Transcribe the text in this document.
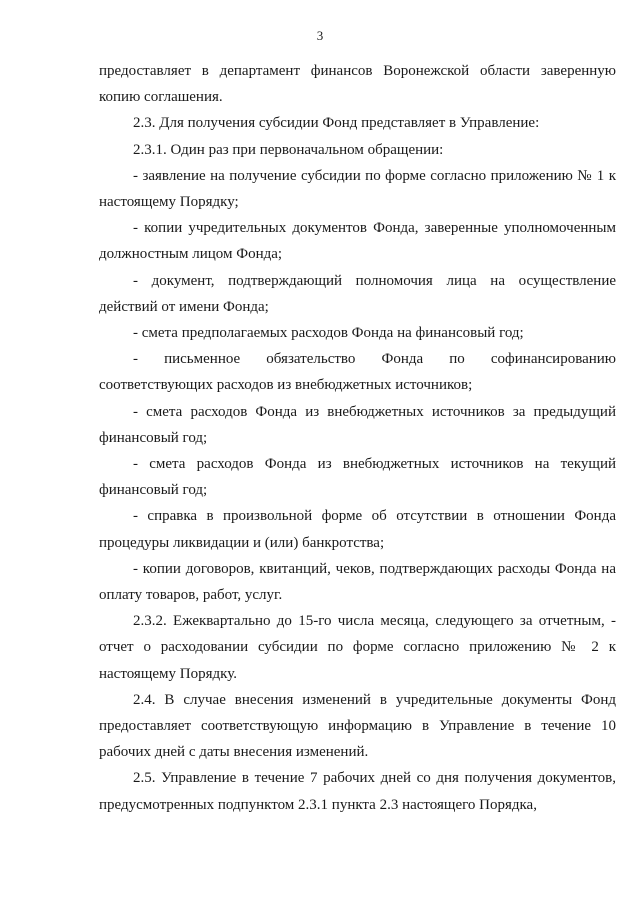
3

предоставляет в департамент финансов Воронежской области заверенную копию соглашения.

2.3. Для получения субсидии Фонд представляет в Управление:

2.3.1. Один раз при первоначальном обращении:

- заявление на получение субсидии по форме согласно приложению № 1 к настоящему Порядку;

- копии учредительных документов Фонда, заверенные уполномоченным должностным лицом Фонда;

- документ, подтверждающий полномочия лица на осуществление действий от имени Фонда;

- смета предполагаемых расходов Фонда на финансовый год;

- письменное обязательство Фонда по софинансированию соответствующих расходов из внебюджетных источников;

- смета расходов Фонда из внебюджетных источников за предыдущий финансовый год;

- смета расходов Фонда из внебюджетных источников на текущий финансовый год;

- справка в произвольной форме об отсутствии в отношении Фонда процедуры ликвидации и (или) банкротства;

- копии договоров, квитанций, чеков, подтверждающих расходы Фонда на оплату товаров, работ, услуг.

2.3.2. Ежеквартально до 15-го числа месяца, следующего за отчетным, - отчет о расходовании субсидии по форме согласно приложению № 2 к настоящему Порядку.

2.4. В случае внесения изменений в учредительные документы Фонд предоставляет соответствующую информацию в Управление в течение 10 рабочих дней с даты внесения изменений.

2.5. Управление в течение 7 рабочих дней со дня получения документов, предусмотренных подпунктом 2.3.1 пункта 2.3 настоящего Порядка,
